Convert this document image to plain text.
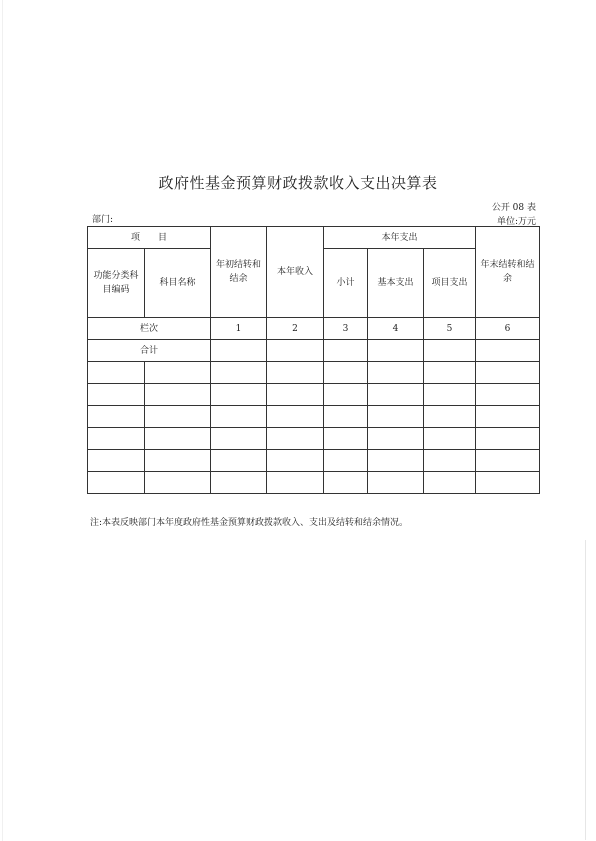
政府性基金预算财政拨款收入支出决算表
公开 08 表
部门:	单位:万元
项　　目		年初结转和结余	本年收入	本年支出			年末结转和结余
功能分类科目编码	科目名称			小计	基本支出	项目支出	
栏次		1	2	3	4	5	6
合计							

注:本表反映部门本年度政府性基金预算财政拨款收入、支出及结转和结余情况。
